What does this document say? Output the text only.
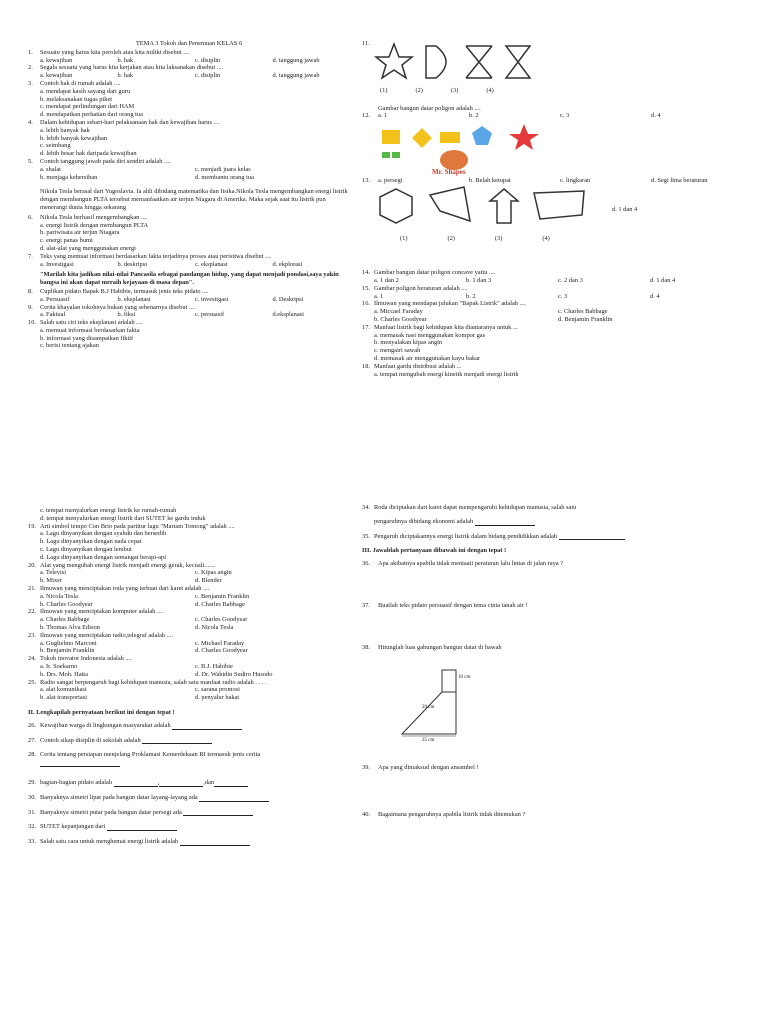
TEMA 3 Tokoh dan Penemuan KELAS 6
1.	Sesuatu yang harus kita peroleh atau kita miliki disebut ....
a. kewajiban	b. hak	c. disiplin	d. tanggung jawab
2.	Segala sesuatu yang harus kita kerjakan atau kita laksanakan disebut ....
a. kewajiban	b. hak	c. disiplin	d. tanggung jawab
3.	Contoh hak di rumah adalah ....
a. mendapat kasih sayang dari guru
b. melaksanakan tugas piket
c. mendapat perlindungan dari HAM
d. mendapatkan perhatian dari orang tua
4.	Dalam kehidupan sehari-hari pelaksanaan hak dan kewajiban harus ....
a. lebih banyak hak
b. lebih banyak kewajiban
c. seimbang
d. lebih besar hak daripada kewajiban
5.	Contoh tanggung jawab pada diri sendiri adalah ....
a. shalat	c. menjadi juara kelas
b. menjaga kebersihan	d. membantu orang tua
Nikola Tesla berasal dari Yugoslavia. Ia ahli dibidang matematika dan fisika.Nikola Tesla mengembangkan energi listrik dengan membangun PLTA tersebut memanfaatkan air terjun Niagara di Amerika. Maka sejak saat itu listrik pun menerangi dunia hingga sekarang
6.	Nikola Tesla berhasil mengembangkan ....
a. energi listrik dengan membangun PLTA
b. pariwisata air terjun Niagara
c. energi panas bumi
d. alat-alat yang menggunakan energi
7.	Teks yang memuat informasi berdasarkan fakta terjadinya proses atau peristiwa disebut ....
a. Investigasi	b. deskripsi	c. eksplanasi	d. ekplorasi
"Marilah kita jadikan nilai-nilai Pancasila sebagai pandangan hidup, yang dapat menjadi pondasi,saya yakin bangsa ini akan dapat meraih kejayaan di masa depan".
8.	Cuplikan pidato Bapak B.J Habibie, termasuk jenis teks pidato ....
a. Persuasif	b. eksplanasi	c. investigasi	d. Deskripsi
9.	Cerita khayalan tokohnya bukan yang sebenarnya disebut ....
a. Faktual	b. fiksi	c. persuasif	d.eksplanasi
10. Salah satu ciri teks eksplanasi adalah ....
a. memuat informasi berdasarkan fakta
b. informasi yang disampaikan fiktif
c. berisi tentang ajakan
11.
(1)	(2)	(3)	(4)
Gambar bangun datar poligon adalah ....
12.	a. 1	b. 2	c. 3	d. 4
Mr. Shapes
13.	a. persegi	b. Belah ketupat	c. lingkaran	d. Segi lima beraturan
d. 1 dan 4
(1)	(2)	(3)	(4)
14. Gambar bangun datar poligon concave yaitu ....
a. 1 dan 2	b. 1 dan 3	c. 2 dan 3	d. 1 dan 4
15. Gambar poligon beraturan adalah ....
a. 1	b. 2	c. 3	d. 4
16. Ilmuwan yang mendapat julukan "Bapak Listrik" adalah ....
a. Miccael Faraday	c. Charles Babbage
b. Charles Goodyear	d. Benjamin Franklin
17. Manfaat listrik bagi kehidupan kita diantaranya untuk ...
a. memasak nasi menggunakan kompor gas
b. menyalakan kipas angin
c. mengairi sawah
d. memasak air menggunakan kayu bakar
18. Manfaat gardu distribusi adalah ...
a. tempat mengubah energi kinetik menjadi energi listrik
c. tempat menyalurkan energi listrik ke rumah-rumah
d. tempat menyalurkan energi listrik dari SUTET ke gardu induk
19. Arti simbol tempo Con Brio pada partitur lagu "Mariam Tomong" adalah ....
a. Lagu dinyanyikan dengan syahdu dan bersedih
b. Lagu dinyanyikan dengan nada cepat
c. Lagu dinyanyikan dengan lembut
d. Lagu dinyanyikan dengan semangat berapi-api
20. Alat yang mengubah energi listrik menjadi energi gerak, kecuali.......
a. Televisi	c. Kipas angin
b. Mixer	d. Blender
21. Ilmuwan yang menciptakan roda yang terbuat dari karet adalah ....
a. Nicola Tesla	c. Benjamin Franklin
b. Charles Goodyear	d. Charles Babbage
22. Ilmuwan yang menciptakan komputer adalah ....
a. Charles Babbage	c. Charles Goodyear
b. Thomas Alva Edison	d. Nicola Tesla
23. Ilmuwan yang menciptakan radio,telegraf adalah ....
a. Guglielmo Marconi	c. Michael Faraday
b. Benjamin Franklin	d. Charles Goodyear
24. Tokoh inovator Indonesia adalah ....
a. Ir. Soekarno	c. B.J. Habibie
b. Drs. Moh. Hatta	d. Dr. Wahidin Sudiro Husodo
25. Radio sangat berpengaruh bagi kehidupan manusia, salah satu manfaat radio adalah . . . .
a. alat komunikasi	c. sarana promosi
b. alat transportasi	d. penyalur bakat
II. Lengkapilah pernyataan berikut ini dengan tepat !
26. Kewajiban warga di lingkungan masyarakat adalah
27. Contoh sikap disiplin di sekolah adalah
28. Cerita tentang persiapan menjelang Proklamasi Kemerdekaan RI termasuk jenis cerita

29. bagian-bagian pidato adalah	,	,dan
30. Banyaknya simetri lipat pada bangun datar layang-layang ada
31. Banyaknya simetri putar pada bangun datar persegi ada
32. SUTET kepanjangan dari
33. Salah satu cara untuk menghemat energi listrik adalah
34. Roda diciptakan dari karet dapat mempengaruhi kehidupan manusia, salah satu

pengaruhnya dibidang ekonomi adalah
35. Pengaruh diciptakannya energi listrik dalam bidang pendidikkan adalah
III. Jawablah pertanyaan dibawah ini dengan tepat !
36.	Apa akibatnya apabila tidak mentaati peraturan lalu lintas di jalan raya ?
37.	Buatlah teks pidato persuasif dengan tema cinta tanah air !
38.	Hitunglah luas gabungan bangun datar di bawah
10 cm
20 cm
25 cm
39.	Apa yang dimaksud dengan ansambel !
40.	Bagaimana pengaruhnya apabila listrik tidak ditemukan ?
